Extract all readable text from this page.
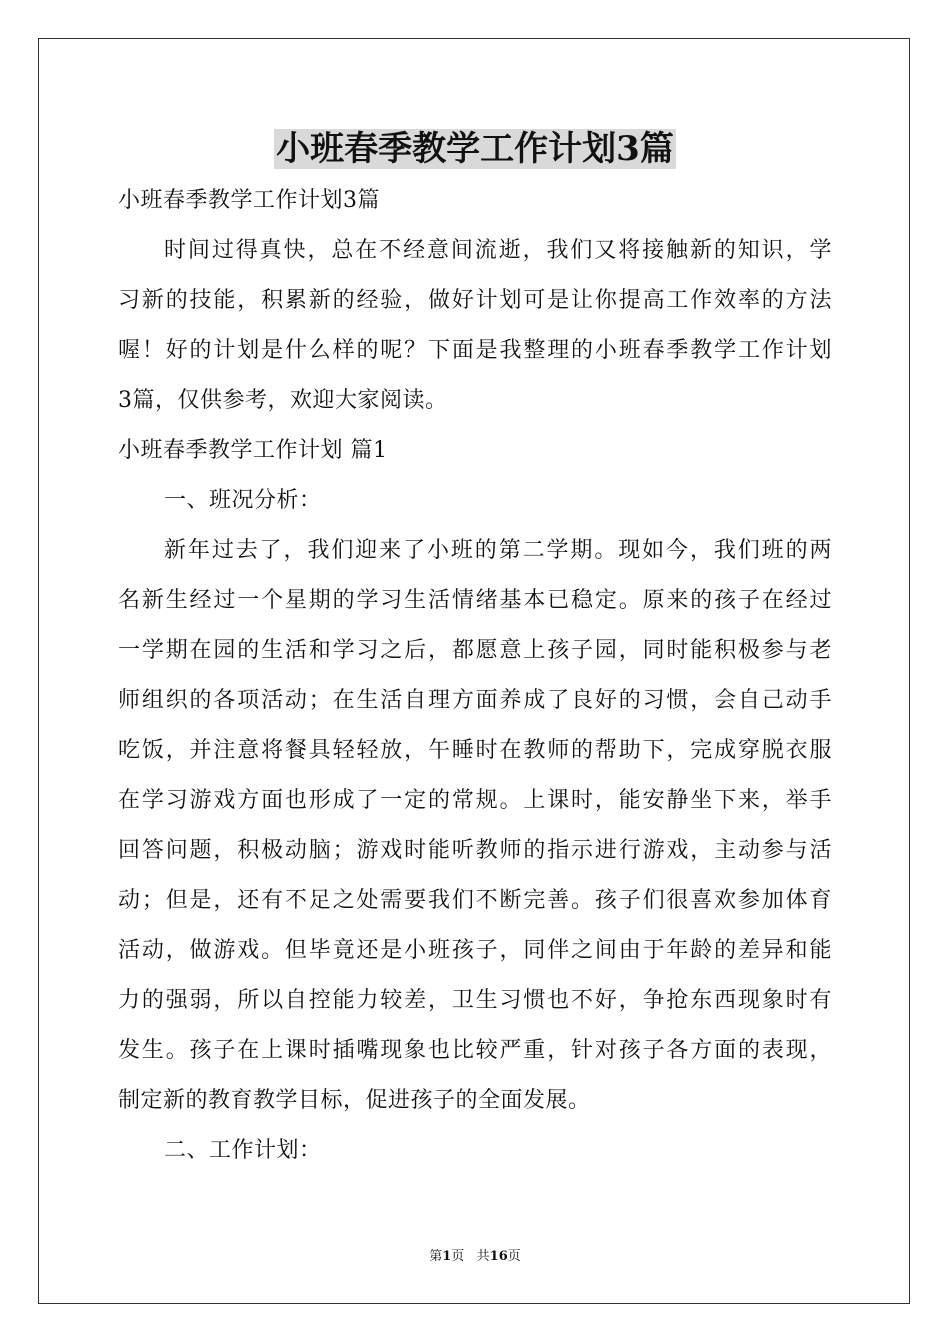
小班春季教学工作计划3篇
小班春季教学工作计划3篇
时间过得真快，总在不经意间流逝，我们又将接触新的知识，学
习新的技能，积累新的经验，做好计划可是让你提高工作效率的方法
喔！好的计划是什么样的呢？下面是我整理的小班春季教学工作计划
3篇，仅供参考，欢迎大家阅读。
小班春季教学工作计划 篇1
一、班况分析：
新年过去了，我们迎来了小班的第二学期。现如今，我们班的两
名新生经过一个星期的学习生活情绪基本已稳定。原来的孩子在经过
一学期在园的生活和学习之后，都愿意上孩子园，同时能积极参与老
师组织的各项活动；在生活自理方面养成了良好的习惯，会自己动手
吃饭，并注意将餐具轻轻放，午睡时在教师的帮助下，完成穿脱衣服
在学习游戏方面也形成了一定的常规。上课时，能安静坐下来，举手
回答问题，积极动脑；游戏时能听教师的指示进行游戏，主动参与活
动；但是，还有不足之处需要我们不断完善。孩子们很喜欢参加体育
活动，做游戏。但毕竟还是小班孩子，同伴之间由于年龄的差异和能
力的强弱，所以自控能力较差，卫生习惯也不好，争抢东西现象时有
发生。孩子在上课时插嘴现象也比较严重，针对孩子各方面的表现，
制定新的教育教学目标，促进孩子的全面发展。
二、工作计划：
第1页   共16页
